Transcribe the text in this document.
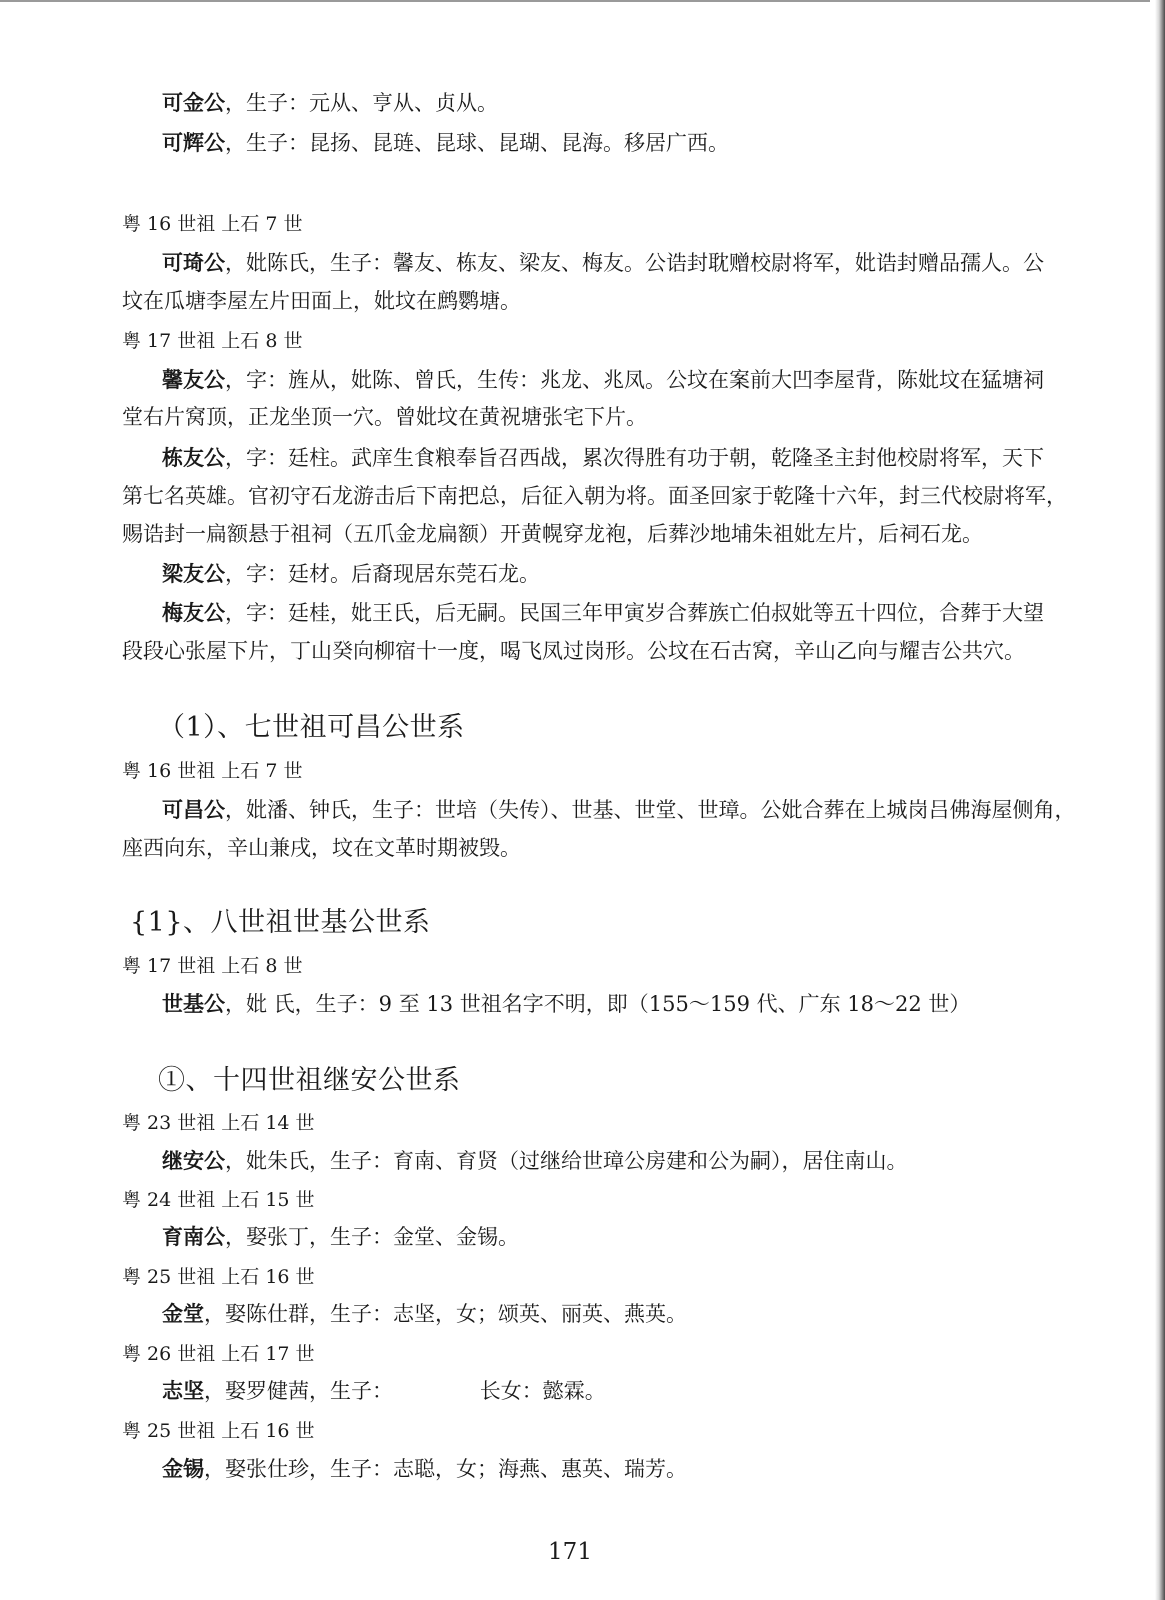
可金公，生子：元从、亨从、贞从。
可辉公，生子：昆扬、昆琏、昆球、昆瑚、昆海。移居广西。
粤 16 世祖 上石 7 世
可琦公，妣陈氏，生子：馨友、栋友、梁友、梅友。公诰封耽赠校尉将军，妣诰封赠品孺人。公
坟在瓜塘李屋左片田面上，妣坟在鹧鹦塘。
粤 17 世祖 上石 8 世
馨友公，字：旌从，妣陈、曾氏，生传：兆龙、兆凤。公坟在案前大凹李屋背，陈妣坟在猛塘祠
堂右片窝顶，正龙坐顶一穴。曾妣坟在黄祝塘张宅下片。
栋友公，字：廷柱。武庠生食粮奉旨召西战，累次得胜有功于朝，乾隆圣主封他校尉将军，天下
第七名英雄。官初守石龙游击后下南把总，后征入朝为将。面圣回家于乾隆十六年，封三代校尉将军，
赐诰封一扁额悬于祖祠（五爪金龙扁额）开黄幌穿龙袍，后葬沙地埔朱祖妣左片，后祠石龙。
梁友公，字：廷材。后裔现居东莞石龙。
梅友公，字：廷桂，妣王氏，后无嗣。民国三年甲寅岁合葬族亡伯叔妣等五十四位，合葬于大望
段段心张屋下片，丁山癸向柳宿十一度，喝飞凤过岗形。公坟在石古窝，辛山乙向与耀吉公共穴。
（1）、七世祖可昌公世系
粤 16 世祖 上石 7 世
可昌公，妣潘、钟氏，生子：世培（失传）、世基、世堂、世璋。公妣合葬在上城岗吕佛海屋侧角，
座西向东，辛山兼戌，坟在文革时期被毁。
{1}、八世祖世基公世系
粤 17 世祖 上石 8 世
世基公，妣 氏，生子：9 至 13 世祖名字不明，即（155～159 代、广东 18～22 世）
①、十四世祖继安公世系
粤 23 世祖 上石 14 世
继安公，妣朱氏，生子：育南、育贤（过继给世璋公房建和公为嗣），居住南山。
粤 24 世祖 上石 15 世
育南公，娶张丁，生子：金堂、金锡。
粤 25 世祖 上石 16 世
金堂，娶陈仕群，生子：志坚，女；颂英、丽英、燕英。
粤 26 世祖 上石 17 世
志坚，娶罗健茜，生子：             长女：懿霖。
粤 25 世祖 上石 16 世
金锡，娶张仕珍，生子：志聪，女；海燕、惠英、瑞芳。
171
